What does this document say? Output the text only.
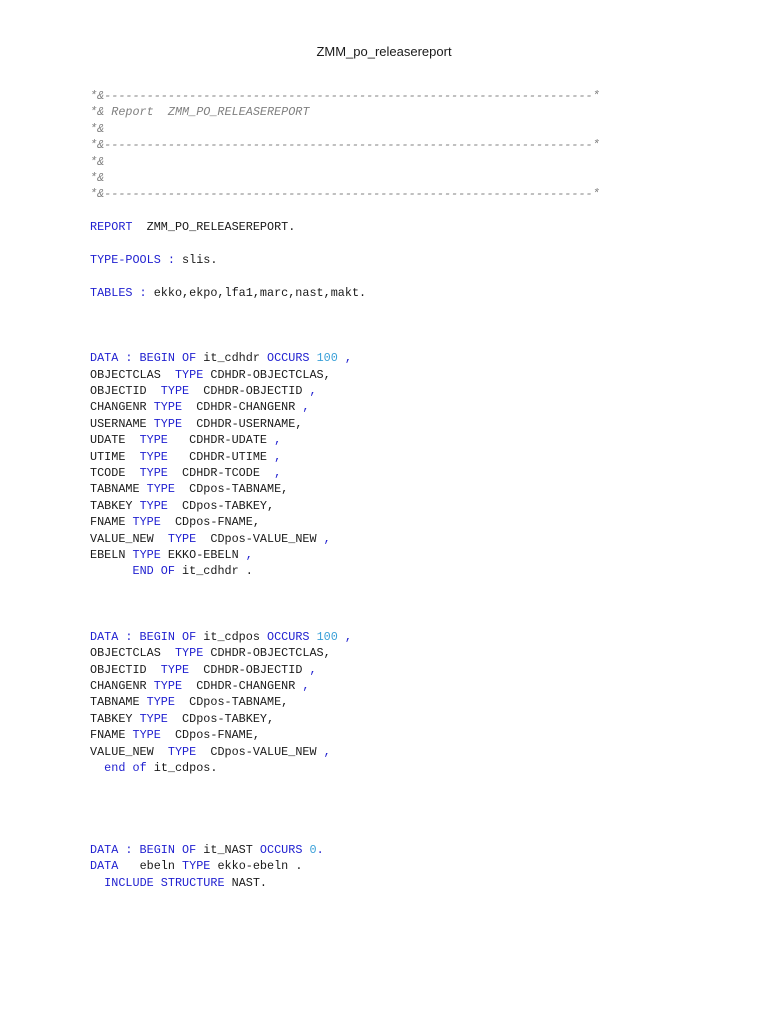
ZMM_po_releasereport
*&---------------------------------------------------------------------*
*& Report  ZMM_PO_RELEASEREPORT
*&
*&---------------------------------------------------------------------*
*&
*&
*&---------------------------------------------------------------------*
REPORT  ZMM_PO_RELEASEREPORT.
TYPE-POOLS : slis.
TABLES : ekko,ekpo,lfa1,marc,nast,makt.
DATA : BEGIN OF it_cdhdr OCCURS 100 ,
OBJECTCLAS  TYPE CDHDR-OBJECTCLAS,
OBJECTID  TYPE  CDHDR-OBJECTID ,
CHANGENR TYPE  CDHDR-CHANGENR ,
USERNAME TYPE  CDHDR-USERNAME,
UDATE  TYPE   CDHDR-UDATE ,
UTIME  TYPE   CDHDR-UTIME ,
TCODE  TYPE  CDHDR-TCODE  ,
TABNAME TYPE  CDpos-TABNAME,
TABKEY TYPE  CDpos-TABKEY,
FNAME TYPE  CDpos-FNAME,
VALUE_NEW  TYPE  CDpos-VALUE_NEW ,
EBELN TYPE EKKO-EBELN ,
END OF it_cdhdr .
DATA : BEGIN OF it_cdpos OCCURS 100 ,
OBJECTCLAS  TYPE CDHDR-OBJECTCLAS,
OBJECTID  TYPE  CDHDR-OBJECTID ,
CHANGENR TYPE  CDHDR-CHANGENR ,
TABNAME TYPE  CDpos-TABNAME,
TABKEY TYPE  CDpos-TABKEY,
FNAME TYPE  CDpos-FNAME,
VALUE_NEW  TYPE  CDpos-VALUE_NEW ,
end of it_cdpos.
DATA : BEGIN OF it_NAST OCCURS 0.
DATA   ebeln TYPE ekko-ebeln .
INCLUDE STRUCTURE NAST.
